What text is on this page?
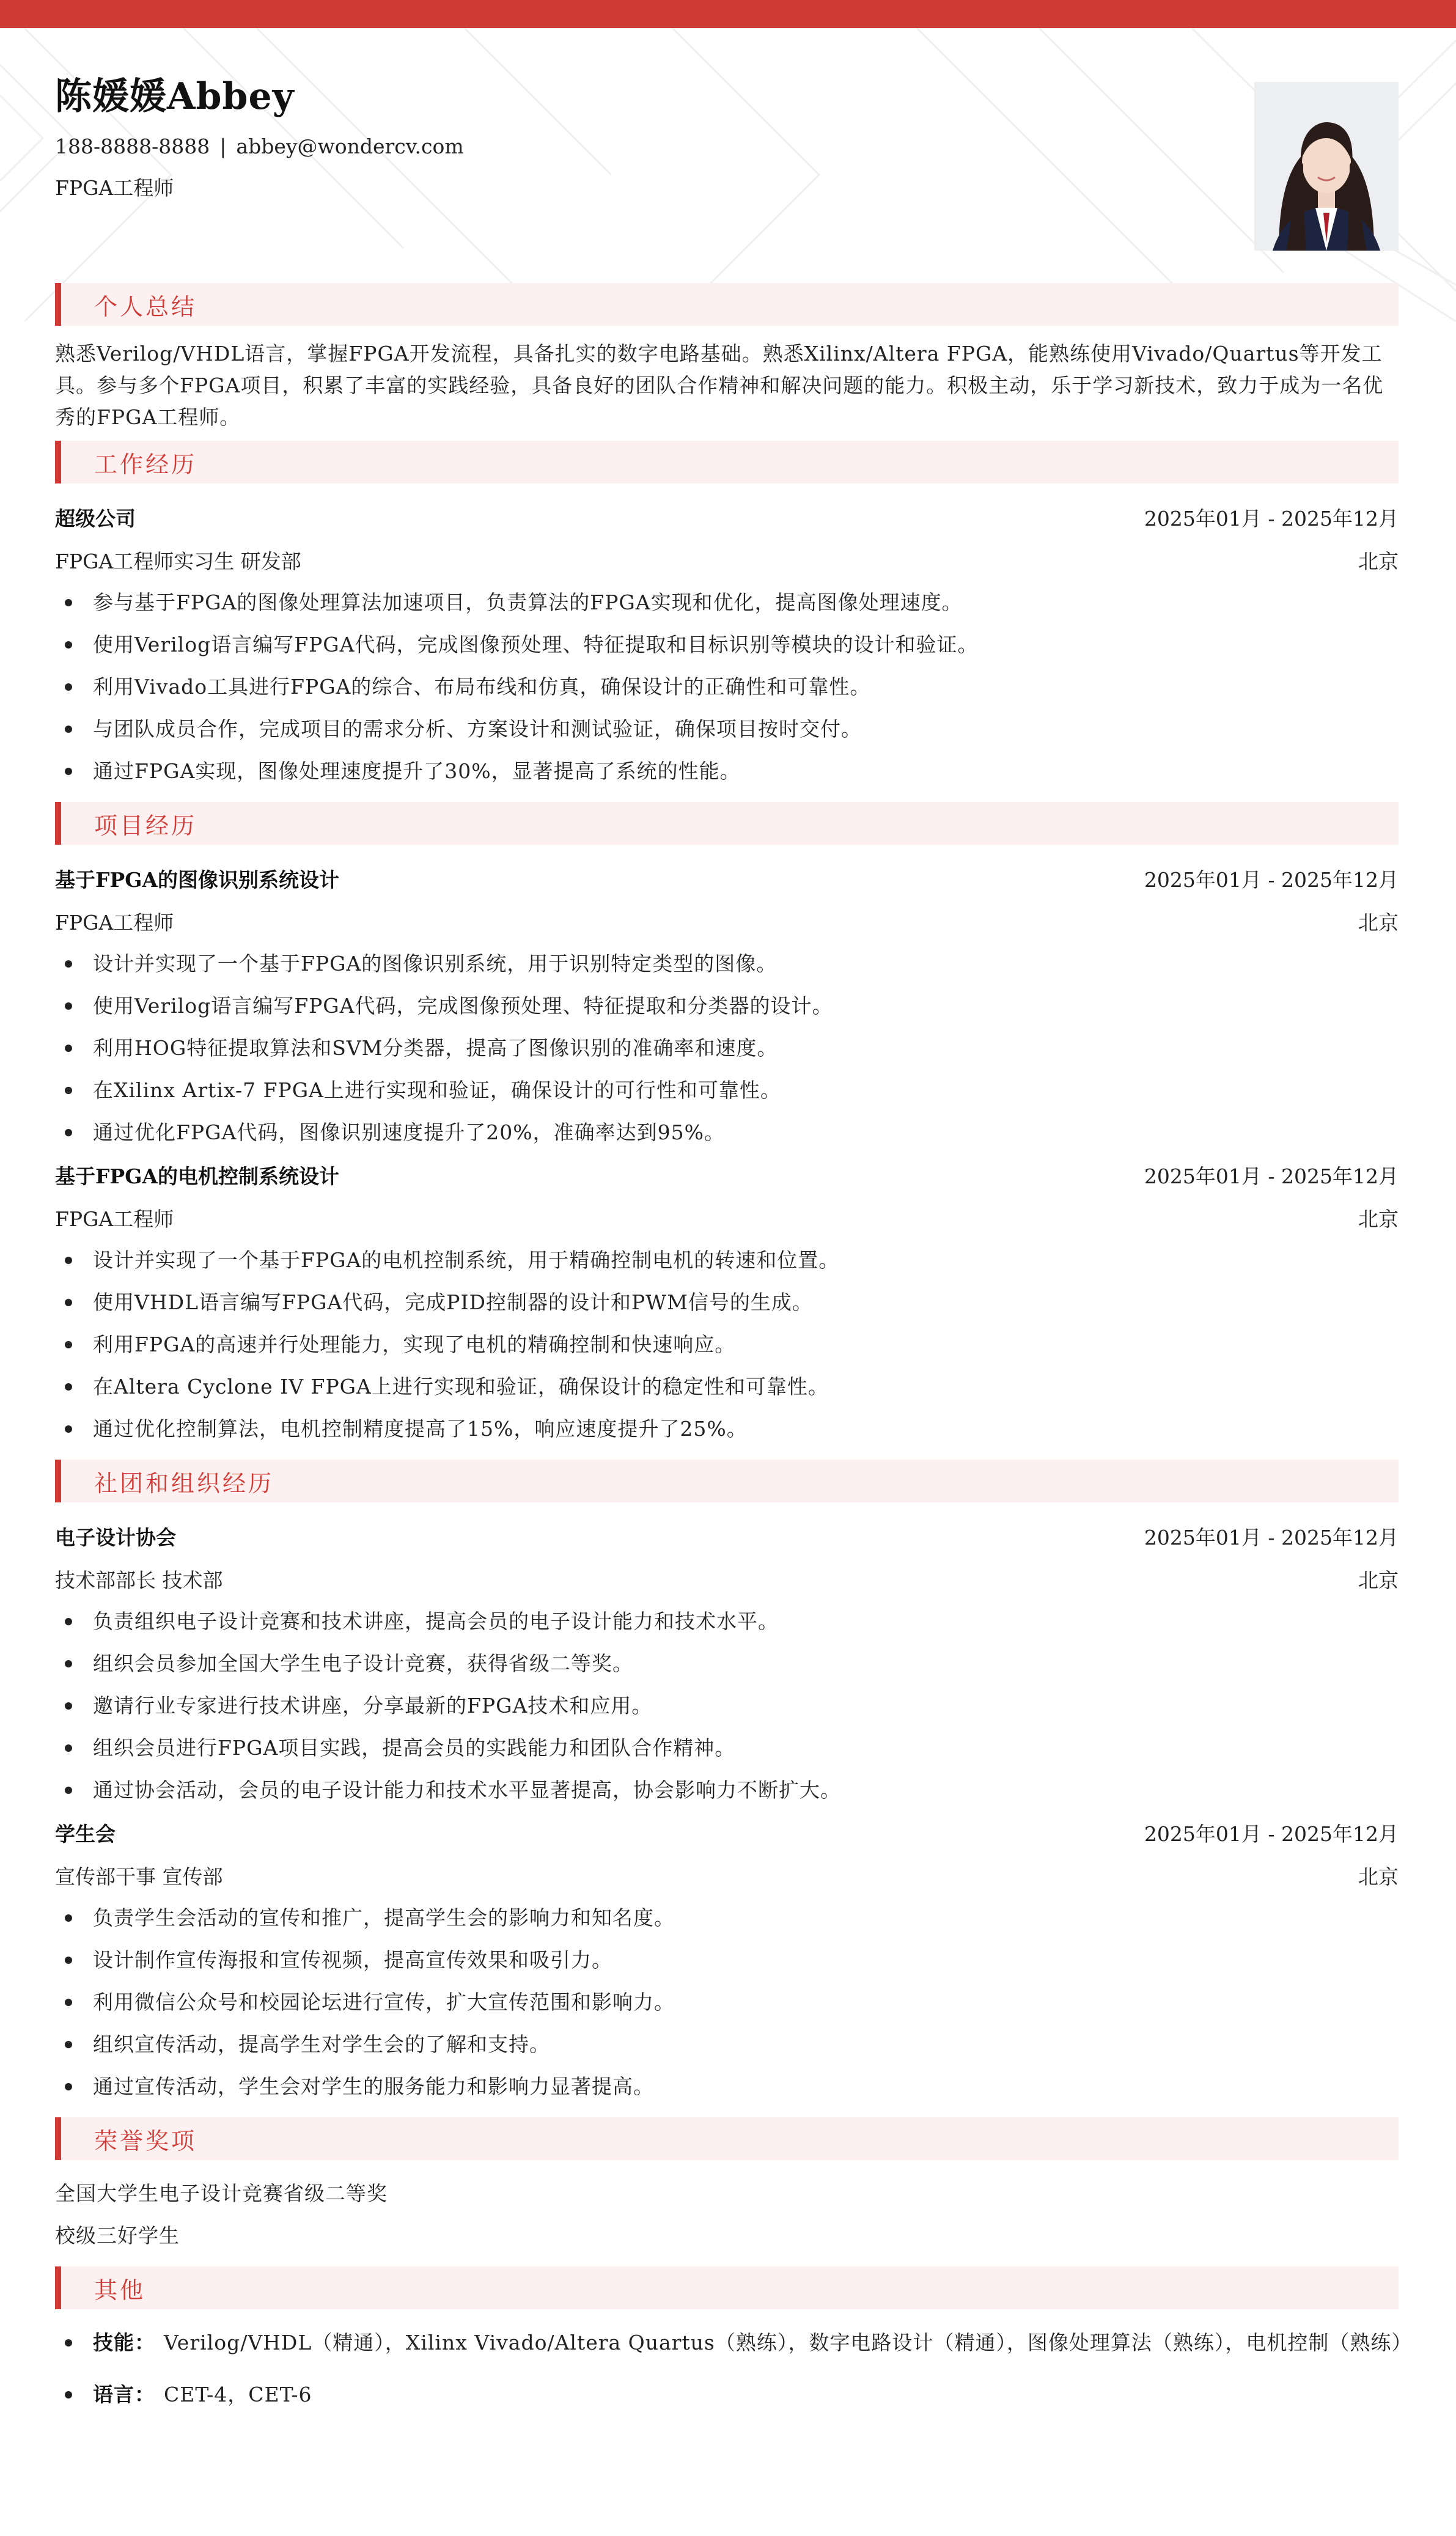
陈媛媛Abbey
188-8888-8888 | abbey@wondercv.com
FPGA工程师
个人总结

熟悉Verilog/VHDL语言，掌握FPGA开发流程，具备扎实的数字电路基础。熟悉Xilinx/Altera FPGA，能熟练使用Vivado/Quartus等开发工具。参与多个FPGA项目，积累了丰富的实践经验，具备良好的团队合作精神和解决问题的能力。积极主动，乐于学习新技术，致力于成为一名优秀的FPGA工程师。

工作经历
超级公司	2025年01月 - 2025年12月
FPGA工程师实习生 研发部	北京
参与基于FPGA的图像处理算法加速项目，负责算法的FPGA实现和优化，提高图像处理速度。
使用Verilog语言编写FPGA代码，完成图像预处理、特征提取和目标识别等模块的设计和验证。
利用Vivado工具进行FPGA的综合、布局布线和仿真，确保设计的正确性和可靠性。
与团队成员合作，完成项目的需求分析、方案设计和测试验证，确保项目按时交付。
通过FPGA实现，图像处理速度提升了30%，显著提高了系统的性能。
项目经历
基于FPGA的图像识别系统设计	2025年01月 - 2025年12月
FPGA工程师	北京
设计并实现了一个基于FPGA的图像识别系统，用于识别特定类型的图像。
使用Verilog语言编写FPGA代码，完成图像预处理、特征提取和分类器的设计。
利用HOG特征提取算法和SVM分类器，提高了图像识别的准确率和速度。
在Xilinx Artix-7 FPGA上进行实现和验证，确保设计的可行性和可靠性。
通过优化FPGA代码，图像识别速度提升了20%，准确率达到95%。
基于FPGA的电机控制系统设计	2025年01月 - 2025年12月
FPGA工程师	北京
设计并实现了一个基于FPGA的电机控制系统，用于精确控制电机的转速和位置。
使用VHDL语言编写FPGA代码，完成PID控制器的设计和PWM信号的生成。
利用FPGA的高速并行处理能力，实现了电机的精确控制和快速响应。
在Altera Cyclone IV FPGA上进行实现和验证，确保设计的稳定性和可靠性。
通过优化控制算法，电机控制精度提高了15%，响应速度提升了25%。
社团和组织经历
电子设计协会	2025年01月 - 2025年12月
技术部部长 技术部	北京
负责组织电子设计竞赛和技术讲座，提高会员的电子设计能力和技术水平。
组织会员参加全国大学生电子设计竞赛，获得省级二等奖。
邀请行业专家进行技术讲座，分享最新的FPGA技术和应用。
组织会员进行FPGA项目实践，提高会员的实践能力和团队合作精神。
通过协会活动，会员的电子设计能力和技术水平显著提高，协会影响力不断扩大。
学生会	2025年01月 - 2025年12月
宣传部干事 宣传部	北京
负责学生会活动的宣传和推广，提高学生会的影响力和知名度。
设计制作宣传海报和宣传视频，提高宣传效果和吸引力。
利用微信公众号和校园论坛进行宣传，扩大宣传范围和影响力。
组织宣传活动，提高学生对学生会的了解和支持。
通过宣传活动，学生会对学生的服务能力和影响力显著提高。
荣誉奖项
全国大学生电子设计竞赛省级二等奖
校级三好学生
其他
技能： Verilog/VHDL（精通），Xilinx Vivado/Altera Quartus（熟练），数字电路设计（精通），图像处理算法（熟练），电机控制（熟练）
语言： CET-4，CET-6
